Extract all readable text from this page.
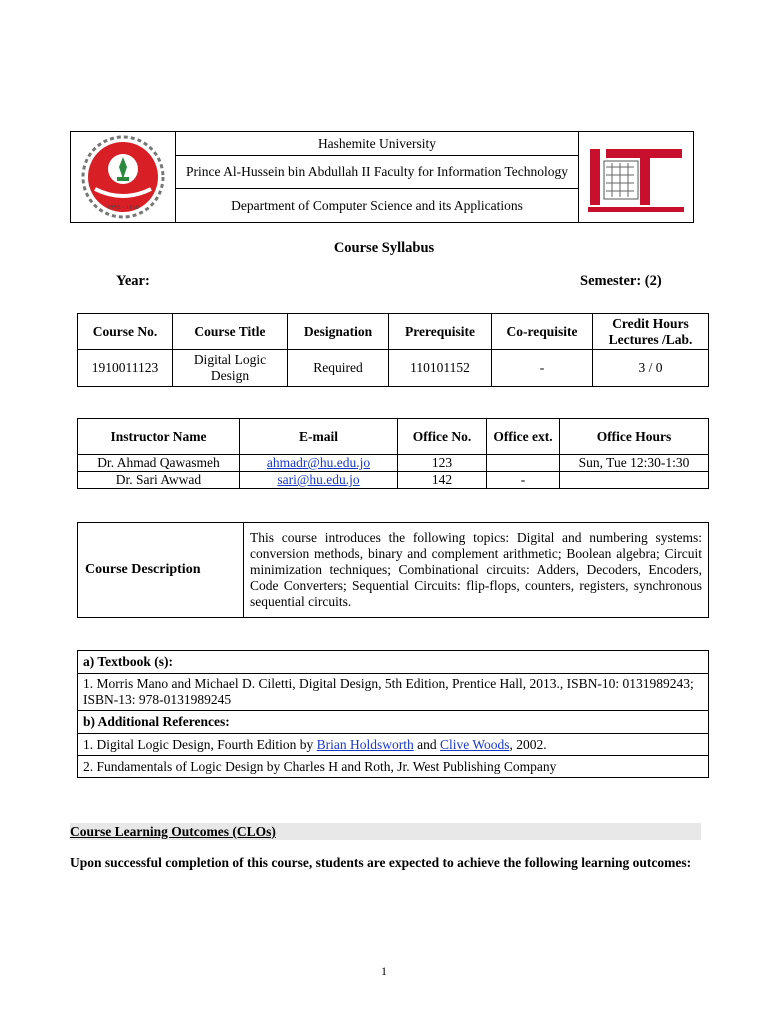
١٤١٥ - ١٩٩٥
	Hashemite University	

Prince Al-Hussein bin Abdullah II Faculty for Information Technology
Department of Computer Science and its Applications
Course Syllabus
Year:	Semester: (2)
Course No.	Course Title	Designation	Prerequisite	Co-requisite	Credit Hours Lectures /Lab.
1910011123	Digital Logic Design	Required	110101152	-	3 / 0
Instructor Name	E-mail	Office No.	Office ext.	Office Hours
Dr. Ahmad Qawasmeh	ahmadr@hu.edu.jo	123		Sun, Tue 12:30-1:30
Dr. Sari Awwad	sari@hu.edu.jo	142	-	
Course Description	This course introduces the following topics: Digital and numbering systems: conversion methods, binary and complement arithmetic; Boolean algebra; Circuit minimization techniques; Combinational circuits: Adders, Decoders, Encoders, Code Converters; Sequential Circuits: flip-flops, counters, registers, synchronous sequential circuits.
a) Textbook (s):
1. Morris Mano and Michael D. Ciletti, Digital Design, 5th Edition, Prentice Hall, 2013., ISBN-10: 0131989243; ISBN-13: 978-0131989245
b) Additional References:
1. Digital Logic Design, Fourth Edition by Brian Holdsworth and Clive Woods, 2002.
2. Fundamentals of Logic Design by Charles H and Roth, Jr. West Publishing Company
Course Learning Outcomes (CLOs)
Upon successful completion of this course, students are expected to achieve the following learning outcomes:
1
